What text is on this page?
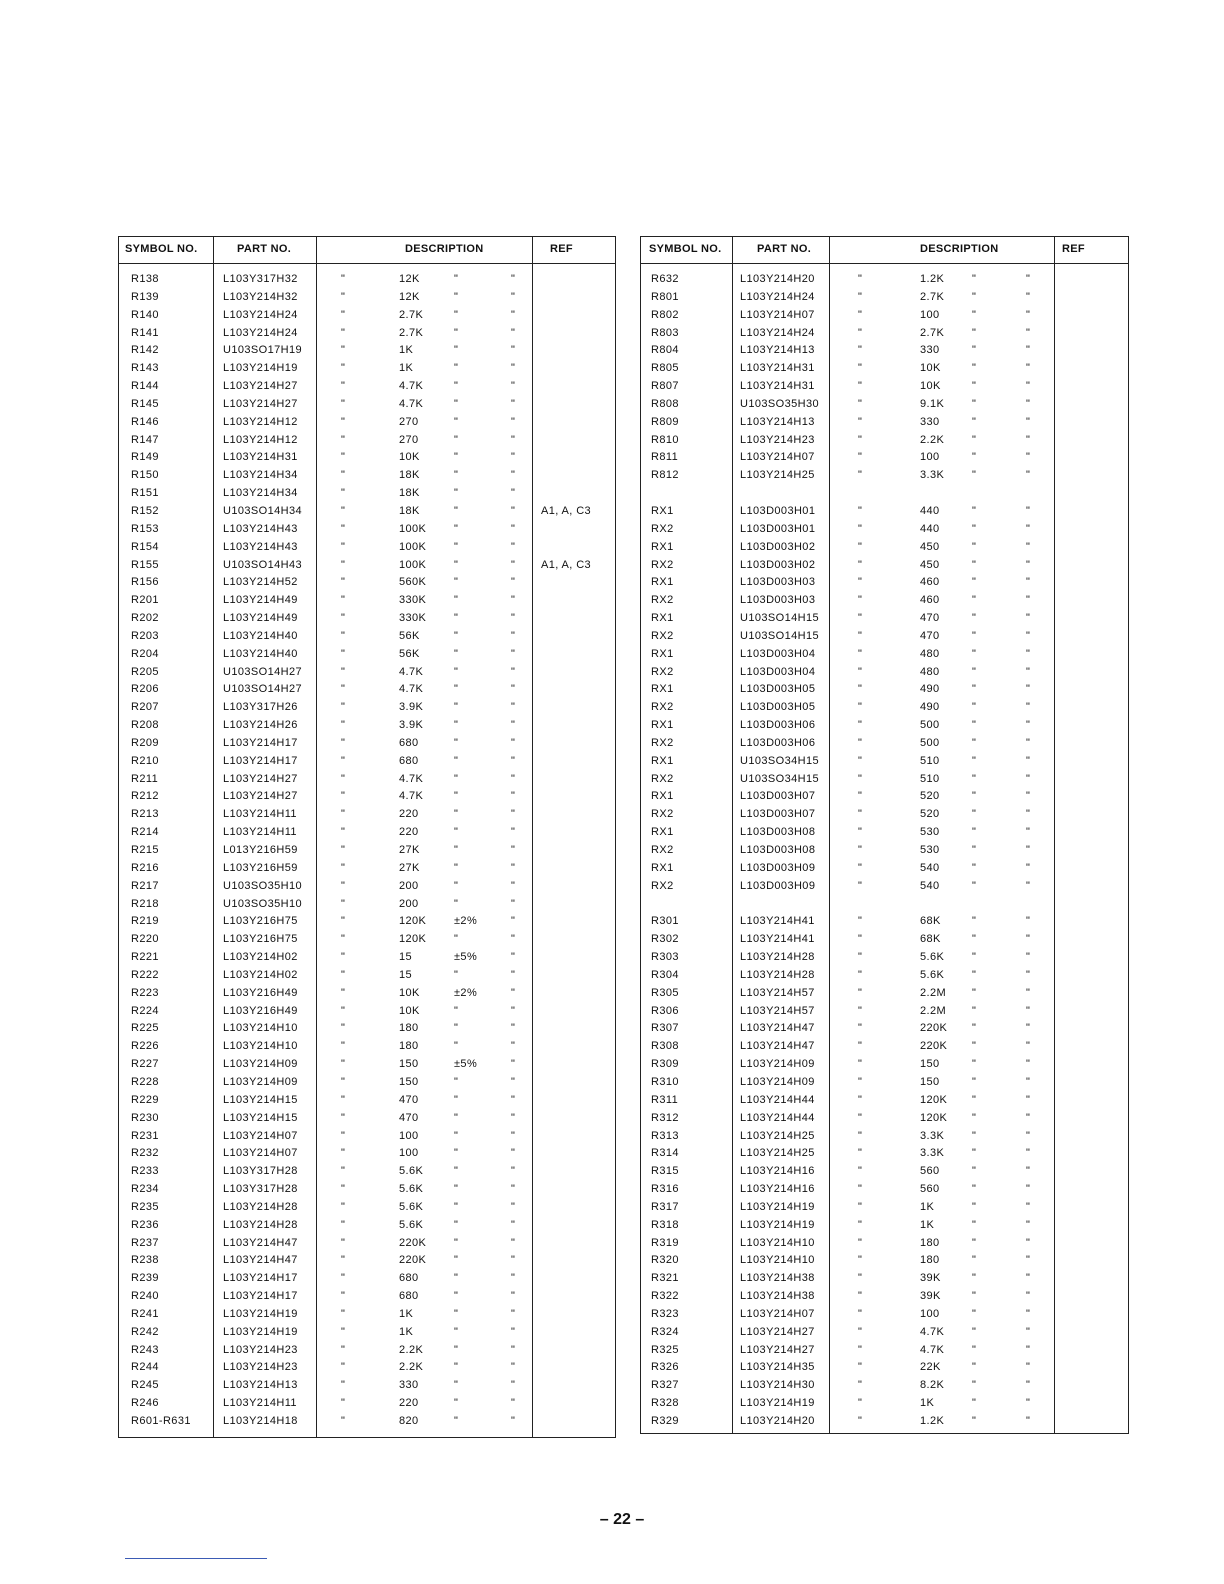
SYMBOL NO.	PART NO.	DESCRIPTION	REF
R138	L103Y317H32	"	12K	"	"
R139	L103Y214H32	"	12K	"	"
R140	L103Y214H24	"	2.7K	"	"
R141	L103Y214H24	"	2.7K	"	"
R142	U103SO17H19	"	1K	"	"
R143	L103Y214H19	"	1K	"	"
R144	L103Y214H27	"	4.7K	"	"
R145	L103Y214H27	"	4.7K	"	"
R146	L103Y214H12	"	270	"	"
R147	L103Y214H12	"	270	"	"
R149	L103Y214H31	"	10K	"	"
R150	L103Y214H34	"	18K	"	"
R151	L103Y214H34	"	18K	"	"
R152	U103SO14H34	"	18K	"	" A1, A, C3
R153	L103Y214H43	"	100K	"	"
R154	L103Y214H43	"	100K	"	"
R155	U103SO14H43	"	100K	"	" A1, A, C3
R156	L103Y214H52	"	560K	"	"
R201	L103Y214H49	"	330K	"	"
R202	L103Y214H49	"	330K	"	"
R203	L103Y214H40	"	56K	"	"
R204	L103Y214H40	"	56K	"	"
R205	U103SO14H27	"	4.7K	"	"
R206	U103SO14H27	"	4.7K	"	"
R207	L103Y317H26	"	3.9K	"	"
R208	L103Y214H26	"	3.9K	"	"
R209	L103Y214H17	"	680	"	"
R210	L103Y214H17	"	680	"	"
R211	L103Y214H27	"	4.7K	"	"
R212	L103Y214H27	"	4.7K	"	"
R213	L103Y214H11	"	220	"	"
R214	L103Y214H11	"	220	"	"
R215	L013Y216H59	"	27K	"	"
R216	L103Y216H59	"	27K	"	"
R217	U103SO35H10	"	200	"	"
R218	U103SO35H10	"	200	"	"
R219	L103Y216H75	"	120K	±2%	"
R220	L103Y216H75	"	120K	"	"
R221	L103Y214H02	"	15	±5%	"
R222	L103Y214H02	"	15	"	"
R223	L103Y216H49	"	10K	±2%	"
R224	L103Y216H49	"	10K	"	"
R225	L103Y214H10	"	180	"	"
R226	L103Y214H10	"	180	"	"
R227	L103Y214H09	"	150	±5%	"
R228	L103Y214H09	"	150	"	"
R229	L103Y214H15	"	470	"	"
R230	L103Y214H15	"	470	"	"
R231	L103Y214H07	"	100	"	"
R232	L103Y214H07	"	100	"	"
R233	L103Y317H28	"	5.6K	"	"
R234	L103Y317H28	"	5.6K	"	"
R235	L103Y214H28	"	5.6K	"	"
R236	L103Y214H28	"	5.6K	"	"
R237	L103Y214H47	"	220K	"	"
R238	L103Y214H47	"	220K	"	"
R239	L103Y214H17	"	680	"	"
R240	L103Y214H17	"	680	"	"
R241	L103Y214H19	"	1K	"	"
R242	L103Y214H19	"	1K	"	"
R243	L103Y214H23	"	2.2K	"	"
R244	L103Y214H23	"	2.2K	"	"
R245	L103Y214H13	"	330	"	"
R246	L103Y214H11	"	220	"	"
R601-R631	L103Y214H18	"	820	"	"
SYMBOL NO.	PART NO.	DESCRIPTION	REF
R632	L103Y214H20	"	1.2K	"	"
R801	L103Y214H24	"	2.7K	"	"
R802	L103Y214H07	"	100	"	"
R803	L103Y214H24	"	2.7K	"	"
R804	L103Y214H13	"	330	"	"
R805	L103Y214H31	"	10K	"	"
R807	L103Y214H31	"	10K	"	"
R808	U103SO35H30	"	9.1K	"	"
R809	L103Y214H13	"	330	"	"
R810	L103Y214H23	"	2.2K	"	"
R811	L103Y214H07	"	100	"	"
R812	L103Y214H25	"	3.3K	"	"
RX1	L103D003H01	"	440	"	"
RX2	L103D003H01	"	440	"	"
RX1	L103D003H02	"	450	"	"
RX2	L103D003H02	"	450	"	"
RX1	L103D003H03	"	460	"	"
RX2	L103D003H03	"	460	"	"
RX1	U103SO14H15	"	470	"	"
RX2	U103SO14H15	"	470	"	"
RX1	L103D003H04	"	480	"	"
RX2	L103D003H04	"	480	"	"
RX1	L103D003H05	"	490	"	"
RX2	L103D003H05	"	490	"	"
RX1	L103D003H06	"	500	"	"
RX2	L103D003H06	"	500	"	"
RX1	U103SO34H15	"	510	"	"
RX2	U103SO34H15	"	510	"	"
RX1	L103D003H07	"	520	"	"
RX2	L103D003H07	"	520	"	"
RX1	L103D003H08	"	530	"	"
RX2	L103D003H08	"	530	"	"
RX1	L103D003H09	"	540	"	"
RX2	L103D003H09	"	540	"	"
R301	L103Y214H41	"	68K	"	"
R302	L103Y214H41	"	68K	"	"
R303	L103Y214H28	"	5.6K	"	"
R304	L103Y214H28	"	5.6K	"	"
R305	L103Y214H57	"	2.2M "	"
R306	L103Y214H57	"	2.2M "	"
R307	L103Y214H47	"	220K "	"
R308	L103Y214H47	"	220K "	"
R309	L103Y214H09	"	150	"	"
R310	L103Y214H09	"	150	"	"
R311	L103Y214H44	"	120K "	"
R312	L103Y214H44	"	120K "	"
R313	L103Y214H25	"	3.3K	"	"
R314	L103Y214H25	"	3.3K	"	"
R315	L103Y214H16	"	560	"	"
R316	L103Y214H16	"	560	"	"
R317	L103Y214H19	"	1K	"	"
R318	L103Y214H19	"	1K	"	"
R319	L103Y214H10	"	180	"	"
R320	L103Y214H10	"	180	"	"
R321	L103Y214H38	"	39K	"	"
R322	L103Y214H38	"	39K	"	"
R323	L103Y214H07	"	100	"	"
R324	L103Y214H27	"	4.7K	"	"
R325	L103Y214H27	"	4.7K	"	"
R326	L103Y214H35	"	22K	"	"
R327	L103Y214H30	"	8.2K	"	"
R328	L103Y214H19	"	1K	"	"
R329	L103Y214H20	"	1.2K	"	"
– 22 –
